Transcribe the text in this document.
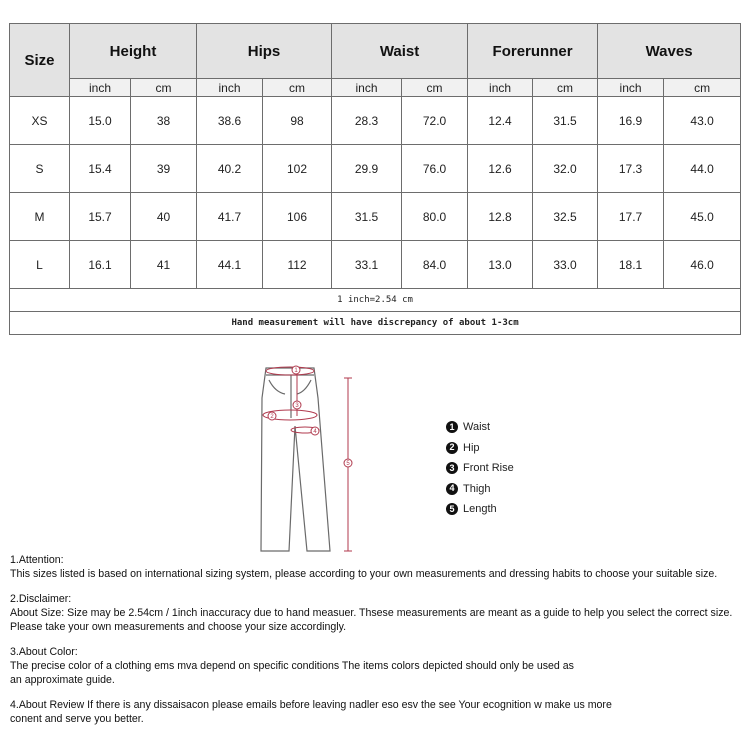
Size	Height		Hips		Waist		Forerunner		Waves	
	inch	cm	inch	cm	inch	cm	inch	cm	inch	cm
XS	15.0	38	38.6	98	28.3	72.0	12.4	31.5	16.9	43.0
S	15.4	39	40.2	102	29.9	76.0	12.6	32.0	17.3	44.0
M	15.7	40	41.7	106	31.5	80.0	12.8	32.5	17.7	45.0
L	16.1	41	44.1	112	33.1	84.0	13.0	33.0	18.1	46.0
1 inch=2.54 cm										
Hand measurement will have discrepancy of about 1-3cm										
1
2
3
4
5
1 Waist
2 Hip
3 Front Rise
4 Thigh
5 Length
1.Attention:
This sizes listed is based on international sizing system, please according to your own measurements and dressing habits to choose your suitable size.
2.Disclaimer:
About Size: Size may be 2.54cm / 1inch inaccuracy due to hand measuer. Thsese measurements are meant as a guide to help you select the correct size.
Please take your own measurements and choose your size accordingly.
3.About Color:
The precise color of a clothing ems mva depend on specific conditions The items colors depicted should only be used as
an approximate guide.
4.About Review If there is any dissaisacon please emails before leaving nadler eso esv the see Your ecognition w make us more
conent and serve you better.
